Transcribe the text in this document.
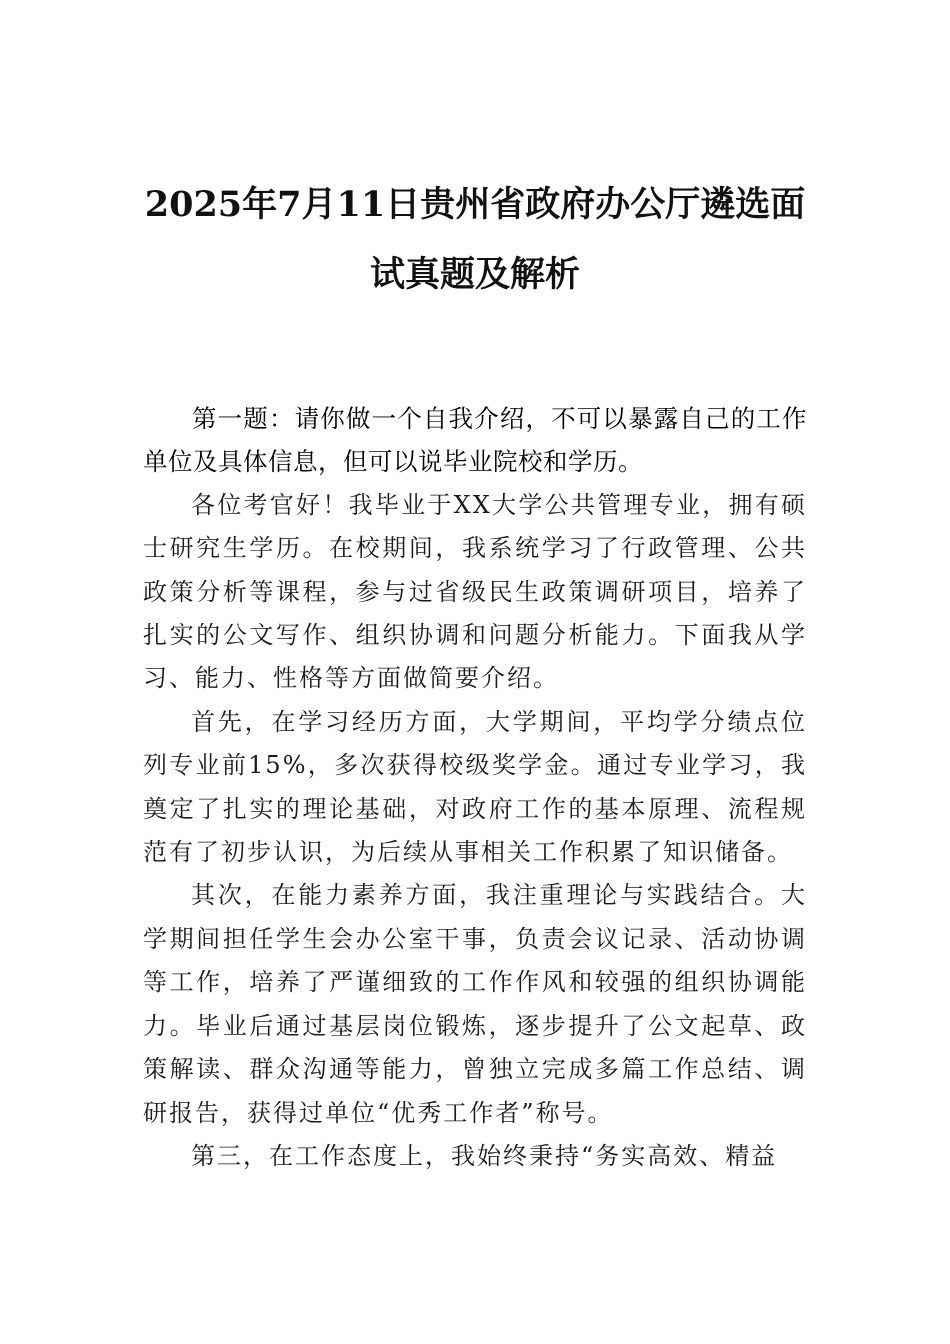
2025年7月11日贵州省政府办公厅遴选面
试真题及解析

第一题：请你做一个自我介绍，不可以暴露自己的工作单位及具体信息，但可以说毕业院校和学历。

各位考官好！我毕业于XX大学公共管理专业，拥有硕士研究生学历。在校期间，我系统学习了行政管理、公共政策分析等课程，参与过省级民生政策调研项目，培养了扎实的公文写作、组织协调和问题分析能力。下面我从学习、能力、性格等方面做简要介绍。

首先，在学习经历方面，大学期间，平均学分绩点位列专业前15%，多次获得校级奖学金。通过专业学习，我奠定了扎实的理论基础，对政府工作的基本原理、流程规范有了初步认识，为后续从事相关工作积累了知识储备。

其次，在能力素养方面，我注重理论与实践结合。大学期间担任学生会办公室干事，负责会议记录、活动协调等工作，培养了严谨细致的工作作风和较强的组织协调能力。毕业后通过基层岗位锻炼，逐步提升了公文起草、政策解读、群众沟通等能力，曾独立完成多篇工作总结、调研报告，获得过单位“优秀工作者”称号。

第三，在工作态度上，我始终秉持“务实高效、精益
